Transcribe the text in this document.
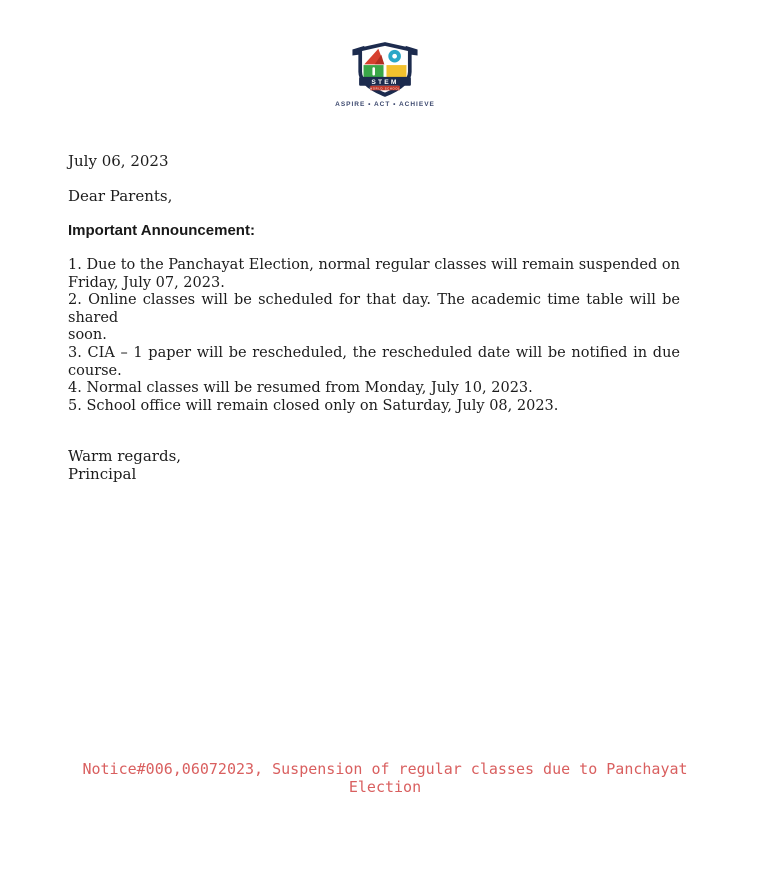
STEM
WORLD SCHOOL
ASPIRE • ACT • ACHIEVE
July 06, 2023
Dear Parents,
Important Announcement:
1. Due to the Panchayat Election, normal regular classes will remain suspended on
Friday, July 07, 2023.
2. Online classes will be scheduled for that day. The academic time table will be shared
soon.
3. CIA – 1 paper will be rescheduled, the rescheduled date will be notified in due
course.
4. Normal classes will be resumed from Monday, July 10, 2023.
5. School office will remain closed only on Saturday, July 08, 2023.
Warm regards,
Principal
Notice#006,06072023, Suspension of regular classes due to Panchayat
Election
